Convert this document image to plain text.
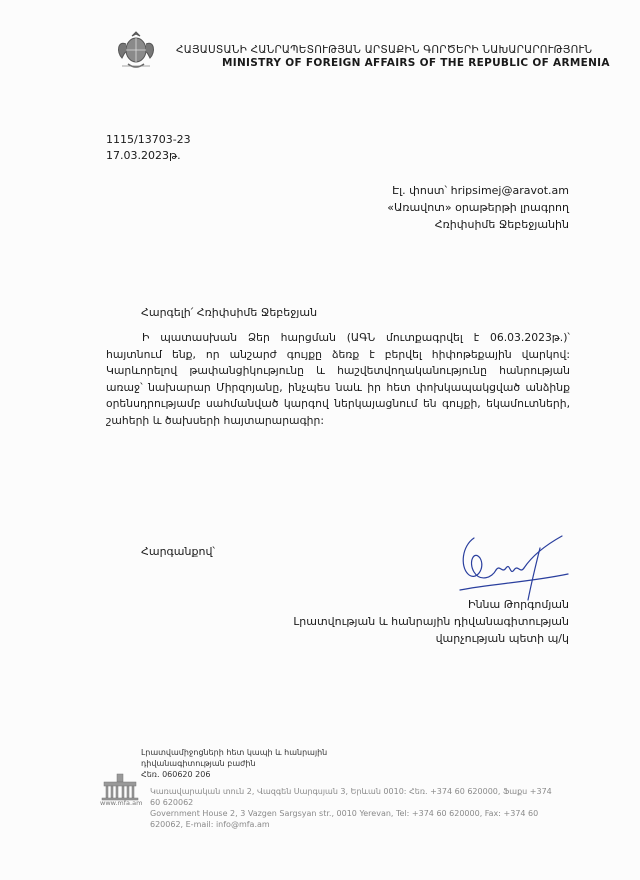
ՀԱՅԱՍՏԱՆԻ ՀԱՆՐԱՊԵՏՈՒԹՅԱՆ ԱՐՏԱՔԻՆ ԳՈՐԾԵՐԻ ՆԱԽԱՐԱՐՈՒԹՅՈՒՆ
MINISTRY OF FOREIGN AFFAIRS OF THE REPUBLIC OF ARMENIA
1115/13703-23
17.03.2023թ.
Էլ. փոստ՝ hripsimej@aravot.am
«Առավոտ» օրաթերթի լրագրող
Հռիփսիմե Ջեբեջյանին
Հարգելի՛ Հռիփսիմե Ջեբեջյան

Ի պատասխան Ձեր հարցման (ԱԳՆ մուտքագրվել է 06.03.2023թ.)՝ հայտնում ենք, որ անշարժ գույքը ձեռք է բերվել հիփոթեքային վարկով: Կարևորելով թափանցիկությունը և հաշվետվողականությունը հանրության առաջ՝ նախարար Միրզոյանը, ինչպես նաև իր հետ փոխկապակցված անձինք օրենսդրությամբ սահմանված կարգով ներկայացնում են գույքի, եկամուտների, շահերի և ծախսերի հայտարարագիր:

Հարգանքով՝
Իննա Թորգոմյան
Լրատվության և հանրային դիվանագիտության
վարչության պետի պ/կ
Լրատվամիջոցների հետ կապի և հանրային
դիվանագիտության բաժին
Հեռ. 060620 206
www.mfa.am
Կառավարական տուն 2, Վազգեն Սարգսյան 3, Երևան 0010: Հեռ. +374 60 620000, Ֆաքս +374 60 620062
Government House 2, 3 Vazgen Sargsyan str., 0010 Yerevan, Tel: +374 60 620000, Fax: +374 60 620062, E-mail: info@mfa.am
